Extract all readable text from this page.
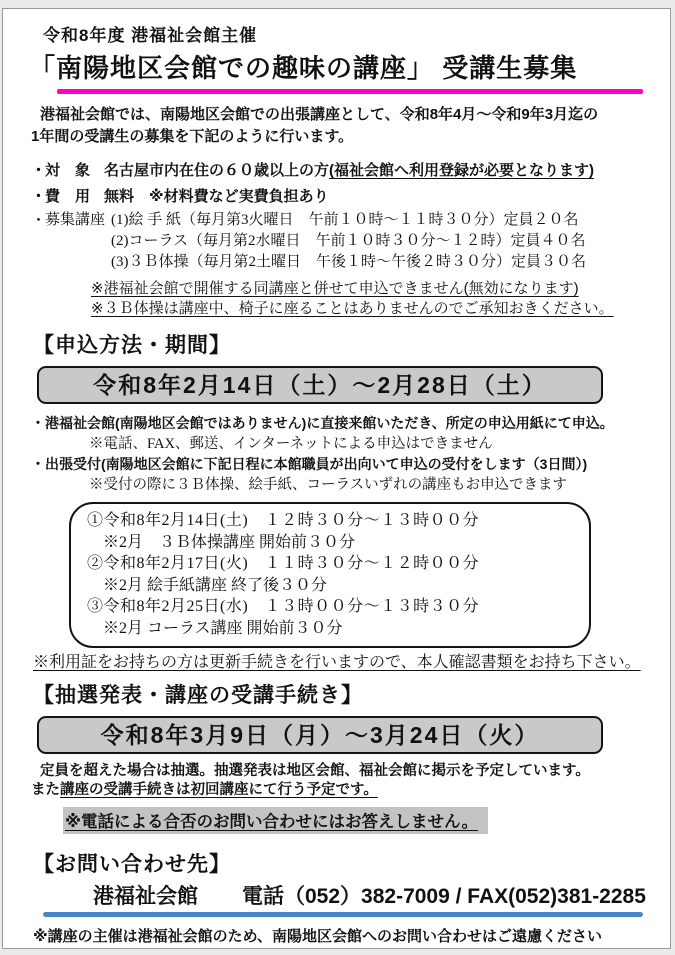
令和8年度 港福祉会館主催
「南陽地区会館での趣味の講座」 受講生募集
港福祉会館では、南陽地区会館での出張講座として、令和8年4月～令和9年3月迄の
1年間の受講生の募集を下記のように行います。
・
対　象 名古屋市内在住の６０歳以上の方(福祉会館へ利用登録が必要となります)
・
費　用 無料　※材料費など実費負担あり
・
募集講座 (1)絵 手 紙（毎月第3火曜日　午前１０時～１１時３０分）定員２０名
(2)コーラス（毎月第2水曜日　午前１０時３０分～１２時）定員４０名
(3)３Ｂ体操（毎月第2土曜日　午後１時～午後２時３０分）定員３０名
※港福祉会館で開催する同講座と併せて申込できません(無効になります)
※３Ｂ体操は講座中、椅子に座ることはありませんのでご承知おきください。
【申込方法・期間】
令和8年2月14日（土）～2月28日（土）
・港福祉会館(南陽地区会館ではありません)に直接来館いただき、所定の申込用紙にて申込。
※電話、FAX、郵送、インターネットによる申込はできません
・出張受付(南陽地区会館に下記日程に本館職員が出向いて申込の受付をします（3日間）)
※受付の際に３Ｂ体操、絵手紙、コーラスいずれの講座もお申込できます
①令和8年2月14日(土)　１２時３０分～１３時００分
※2月　３Ｂ体操講座 開始前３０分
②令和8年2月17日(火)　１１時３０分～１２時００分
※2月 絵手紙講座 終了後３０分
③令和8年2月25日(水)　１３時００分～１３時３０分
※2月 コーラス講座 開始前３０分
※利用証をお持ちの方は更新手続きを行いますので、本人確認書類をお持ち下さい。
【抽選発表・講座の受講手続き】
令和8年3月9日（月）～3月24日（火）
定員を超えた場合は抽選。抽選発表は地区会館、福祉会館に掲示を予定しています。
また講座の受講手続きは初回講座にて行う予定です。
※電話による合否のお問い合わせにはお答えしません。
【お問い合わせ先】
港福祉会館 電話（052）382-7009 / FAX(052)381-2285
※講座の主催は港福祉会館のため、南陽地区会館へのお問い合わせはご遠慮ください
